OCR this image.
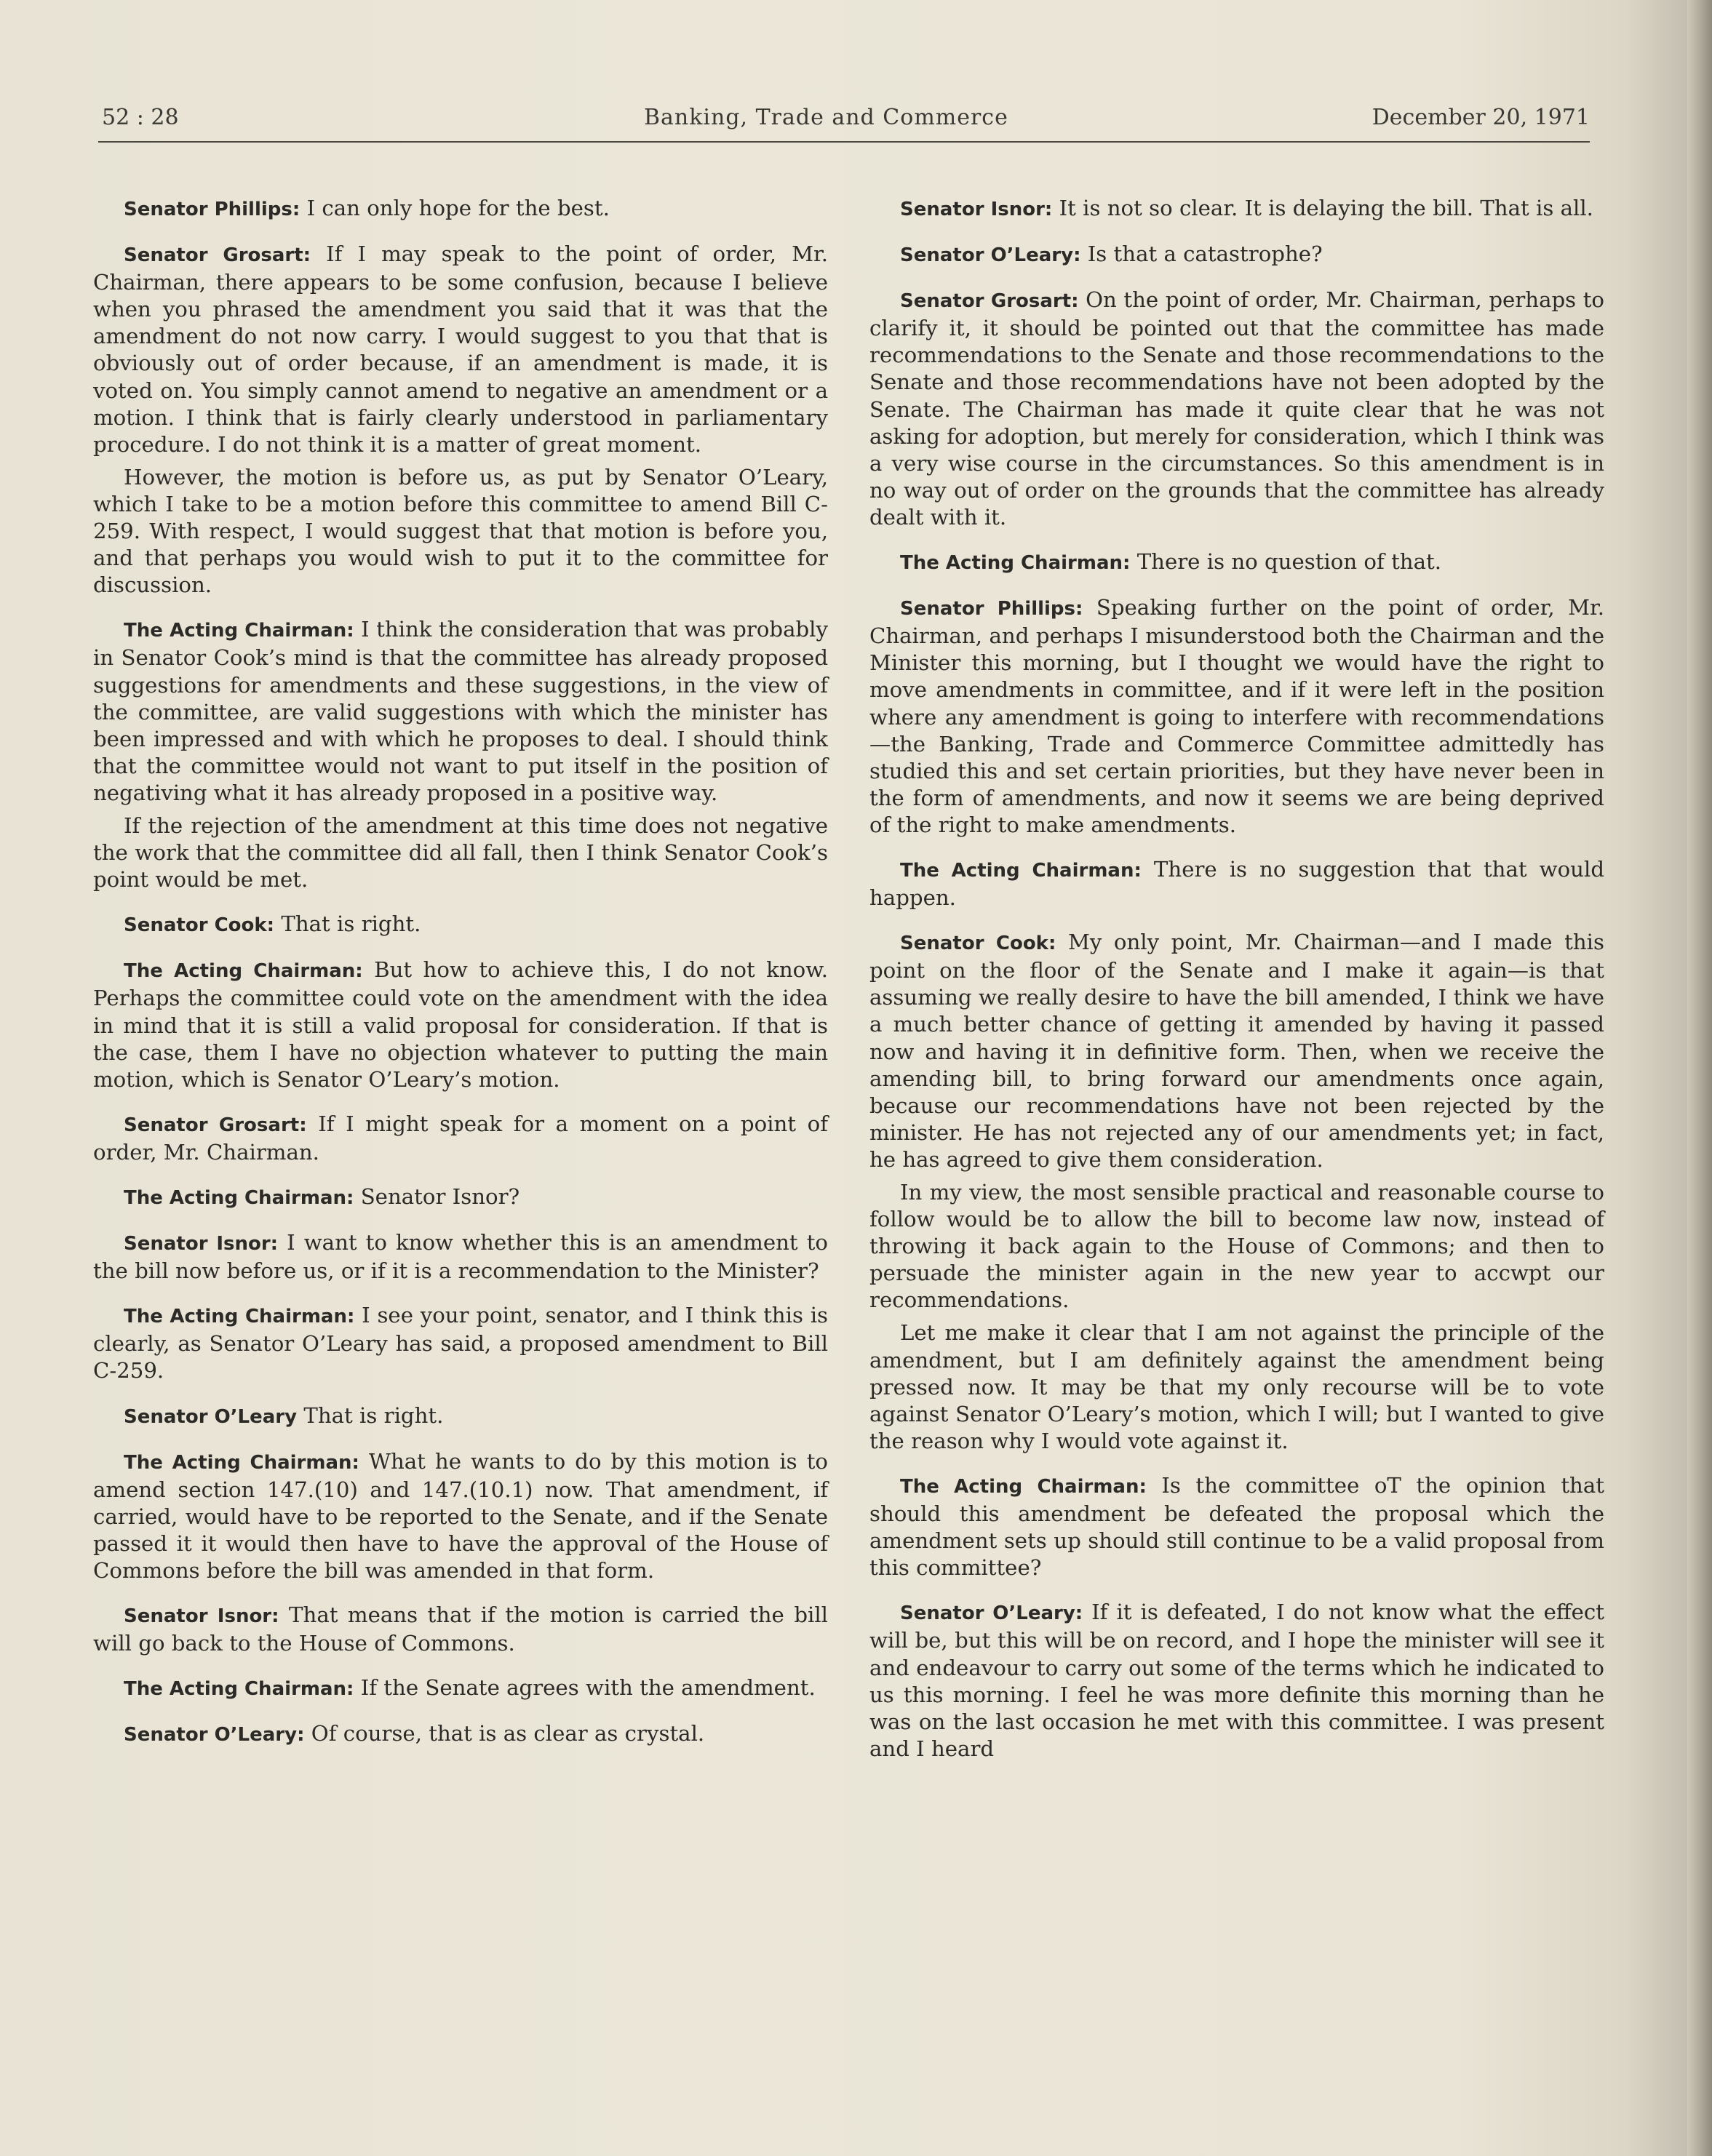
52 : 28	Banking, Trade and Commerce	December 20, 1971

Senator Phillips: I can only hope for the best.

Senator Grosart: If I may speak to the point of order, Mr. Chairman, there appears to be some confusion, because I believe when you phrased the amendment you said that it was that the amendment do not now carry. I would suggest to you that that is obviously out of order because, if an amendment is made, it is voted on. You simply cannot amend to negative an amendment or a motion. I think that is fairly clearly understood in parliamentary procedure. I do not think it is a matter of great moment.

However, the motion is before us, as put by Senator O’Leary, which I take to be a motion before this committee to amend Bill C-259. With respect, I would suggest that that motion is before you, and that perhaps you would wish to put it to the committee for discussion.

The Acting Chairman: I think the consideration that was probably in Senator Cook’s mind is that the committee has already proposed suggestions for amendments and these suggestions, in the view of the committee, are valid suggestions with which the minister has been impressed and with which he proposes to deal. I should think that the committee would not want to put itself in the position of negativing what it has already proposed in a positive way.

If the rejection of the amendment at this time does not negative the work that the committee did all fall, then I think Senator Cook’s point would be met.

Senator Cook: That is right.

The Acting Chairman: But how to achieve this, I do not know. Perhaps the committee could vote on the amendment with the idea in mind that it is still a valid proposal for consideration. If that is the case, them I have no objection whatever to putting the main motion, which is Senator O’Leary’s motion.

Senator Grosart: If I might speak for a moment on a point of order, Mr. Chairman.

The Acting Chairman: Senator Isnor?

Senator Isnor: I want to know whether this is an amendment to the bill now before us, or if it is a recommendation to the Minister?

The Acting Chairman: I see your point, senator, and I think this is clearly, as Senator O’Leary has said, a proposed amendment to Bill C-259.

Senator O’Leary That is right.

The Acting Chairman: What he wants to do by this motion is to amend section 147.(10) and 147.(10.1) now. That amendment, if carried, would have to be reported to the Senate, and if the Senate passed it it would then have to have the approval of the House of Commons before the bill was amended in that form.

Senator Isnor: That means that if the motion is carried the bill will go back to the House of Commons.

The Acting Chairman: If the Senate agrees with the amendment.

Senator O’Leary: Of course, that is as clear as crystal.

Senator Isnor: It is not so clear. It is delaying the bill. That is all.

Senator O’Leary: Is that a catastrophe?

Senator Grosart: On the point of order, Mr. Chairman, perhaps to clarify it, it should be pointed out that the committee has made recommendations to the Senate and those recommendations to the Senate and those recommendations have not been adopted by the Senate. The Chairman has made it quite clear that he was not asking for adoption, but merely for consideration, which I think was a very wise course in the circumstances. So this amendment is in no way out of order on the grounds that the committee has already dealt with it.

The Acting Chairman: There is no question of that.

Senator Phillips: Speaking further on the point of order, Mr. Chairman, and perhaps I misunderstood both the Chairman and the Minister this morning, but I thought we would have the right to move amendments in committee, and if it were left in the position where any amendment is going to interfere with recommendations—the Banking, Trade and Commerce Committee admittedly has studied this and set certain priorities, but they have never been in the form of amendments, and now it seems we are being deprived of the right to make amendments.

The Acting Chairman: There is no suggestion that that would happen.

Senator Cook: My only point, Mr. Chairman—and I made this point on the floor of the Senate and I make it again—is that assuming we really desire to have the bill amended, I think we have a much better chance of getting it amended by having it passed now and having it in definitive form. Then, when we receive the amending bill, to bring forward our amendments once again, because our recommendations have not been rejected by the minister. He has not rejected any of our amendments yet; in fact, he has agreed to give them consideration.

In my view, the most sensible practical and reasonable course to follow would be to allow the bill to become law now, instead of throwing it back again to the House of Commons; and then to persuade the minister again in the new year to accwpt our recommendations.

Let me make it clear that I am not against the principle of the amendment, but I am definitely against the amendment being pressed now. It may be that my only recourse will be to vote against Senator O’Leary’s motion, which I will; but I wanted to give the reason why I would vote against it.

The Acting Chairman: Is the committee oT the opinion that should this amendment be defeated the proposal which the amendment sets up should still continue to be a valid proposal from this committee?

Senator O’Leary: If it is defeated, I do not know what the effect will be, but this will be on record, and I hope the minister will see it and endeavour to carry out some of the terms which he indicated to us this morning. I feel he was more definite this morning than he was on the last occasion he met with this committee. I was present and I heard
